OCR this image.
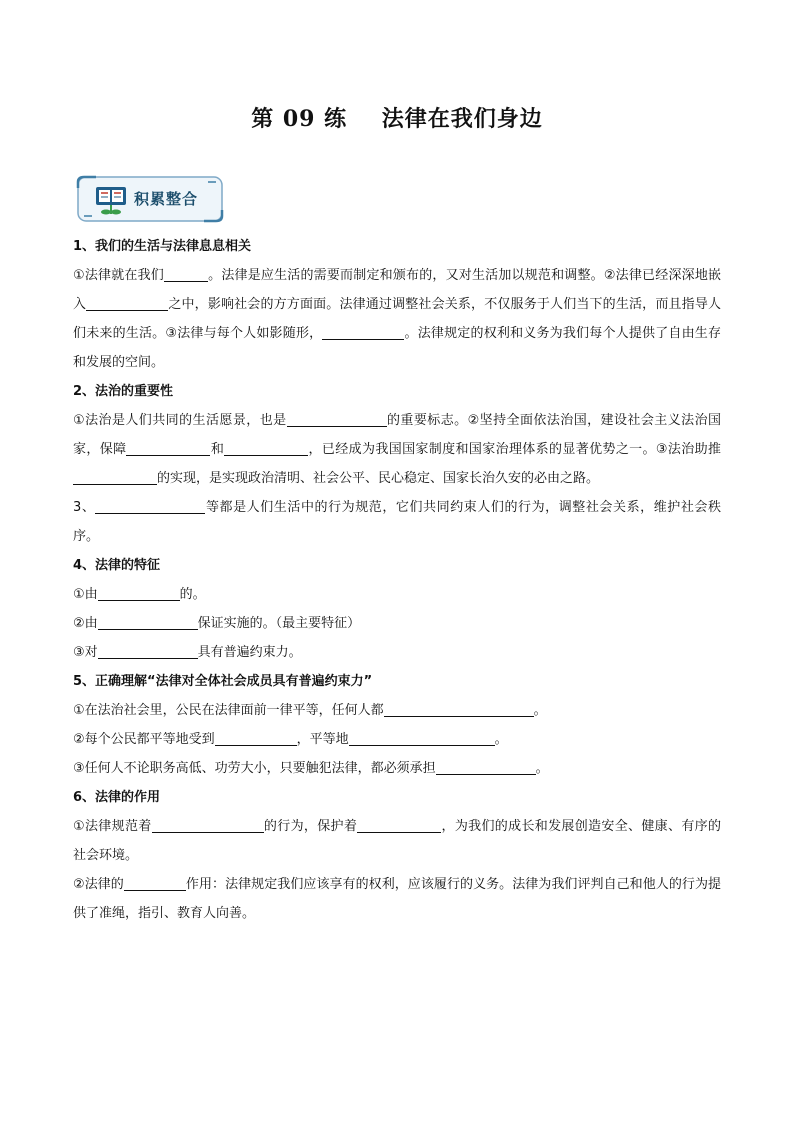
第 09 练    法律在我们身边
积累整合

1、我们的生活与法律息息相关

①法律就在我们	。法律是应生活的需要而制定和颁布的，又对生活加以规范和调整。②法律已经深深地嵌入	之中，影响社会的方方面面。法律通过调整社会关系，不仅服务于人们当下的生活，而且指导人们未来的生活。③法律与每个人如影随形，	。法律规定的权利和义务为我们每个人提供了自由生存和发展的空间。

2、法治的重要性

①法治是人们共同的生活愿景，也是	的重要标志。②坚持全面依法治国，建设社会主义法治国家，保障	和	，已经成为我国国家制度和国家治理体系的显著优势之一。③法治助推的实现，是实现政治清明、社会公平、民心稳定、国家长治久安的必由之路。

3、	等都是人们生活中的行为规范，它们共同约束人们的行为，调整社会关系，维护社会秩序。

4、法律的特征

①由	的。

②由	保证实施的。（最主要特征）

③对	具有普遍约束力。

5、正确理解“法律对全体社会成员具有普遍约束力”

①在法治社会里，公民在法律面前一律平等，任何人都	。

②每个公民都平等地受到	，平等地	。

③任何人不论职务高低、功劳大小，只要触犯法律，都必须承担	。

6、法律的作用

①法律规范着	的行为，保护着	，为我们的成长和发展创造安全、健康、有序的社会环境。

②法律的	作用：法律规定我们应该享有的权利，应该履行的义务。法律为我们评判自己和他人的行为提供了准绳，指引、教育人向善。
